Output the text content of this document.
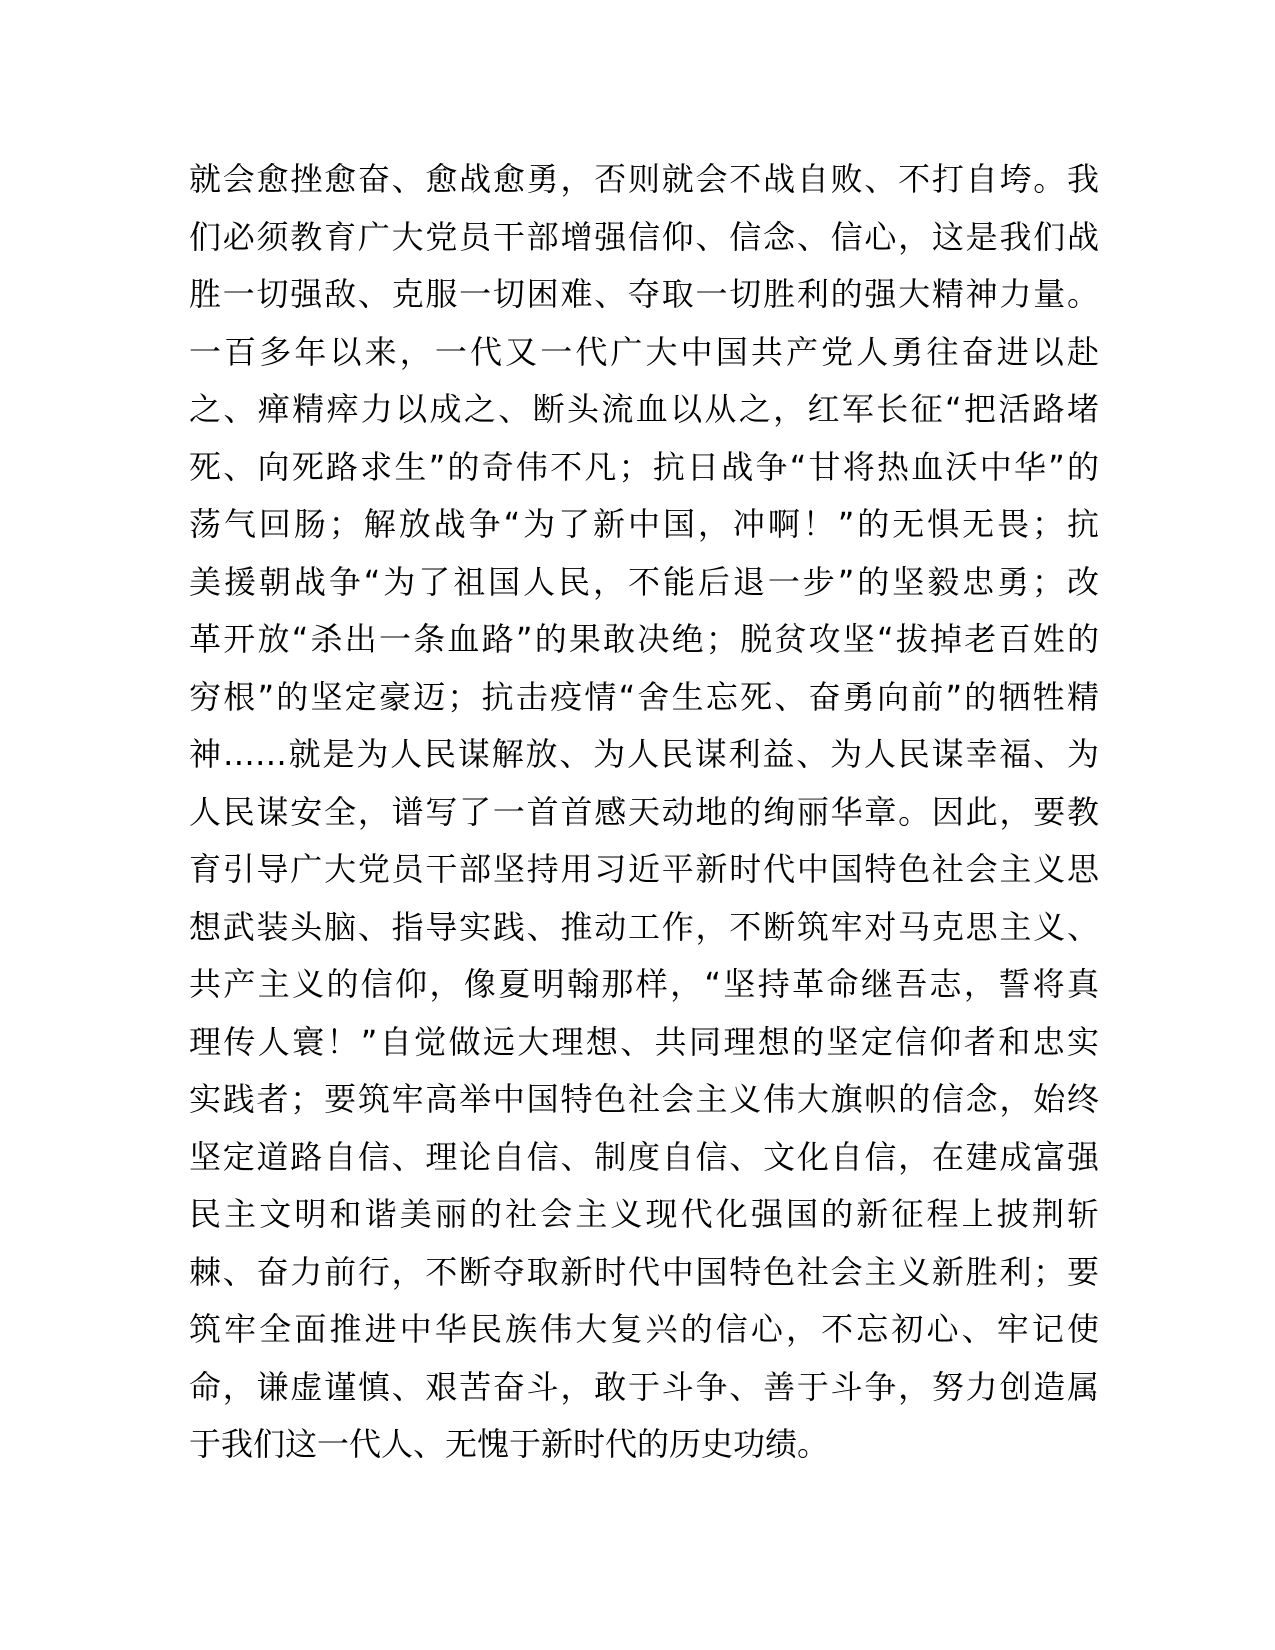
就会愈挫愈奋、愈战愈勇，否则就会不战自败、不打自垮。我
们必须教育广大党员干部增强信仰、信念、信心，这是我们战
胜一切强敌、克服一切困难、夺取一切胜利的强大精神力量。
一百多年以来，一代又一代广大中国共产党人勇往奋进以赴
之、瘅精瘁力以成之、断头流血以从之，红军长征“把活路堵
死、向死路求生”的奇伟不凡；抗日战争“甘将热血沃中华”的
荡气回肠；解放战争“为了新中国，冲啊！”的无惧无畏；抗
美援朝战争“为了祖国人民，不能后退一步”的坚毅忠勇；改
革开放“杀出一条血路”的果敢决绝；脱贫攻坚“拔掉老百姓的
穷根”的坚定豪迈；抗击疫情“舍生忘死、奋勇向前”的牺牲精
神……就是为人民谋解放、为人民谋利益、为人民谋幸福、为
人民谋安全，谱写了一首首感天动地的绚丽华章。因此，要教
育引导广大党员干部坚持用习近平新时代中国特色社会主义思
想武装头脑、指导实践、推动工作，不断筑牢对马克思主义、
共产主义的信仰，像夏明翰那样，“坚持革命继吾志，誓将真
理传人寰！”自觉做远大理想、共同理想的坚定信仰者和忠实
实践者；要筑牢高举中国特色社会主义伟大旗帜的信念，始终
坚定道路自信、理论自信、制度自信、文化自信，在建成富强
民主文明和谐美丽的社会主义现代化强国的新征程上披荆斩
棘、奋力前行，不断夺取新时代中国特色社会主义新胜利；要
筑牢全面推进中华民族伟大复兴的信心，不忘初心、牢记使
命，谦虚谨慎、艰苦奋斗，敢于斗争、善于斗争，努力创造属
于我们这一代人、无愧于新时代的历史功绩。
